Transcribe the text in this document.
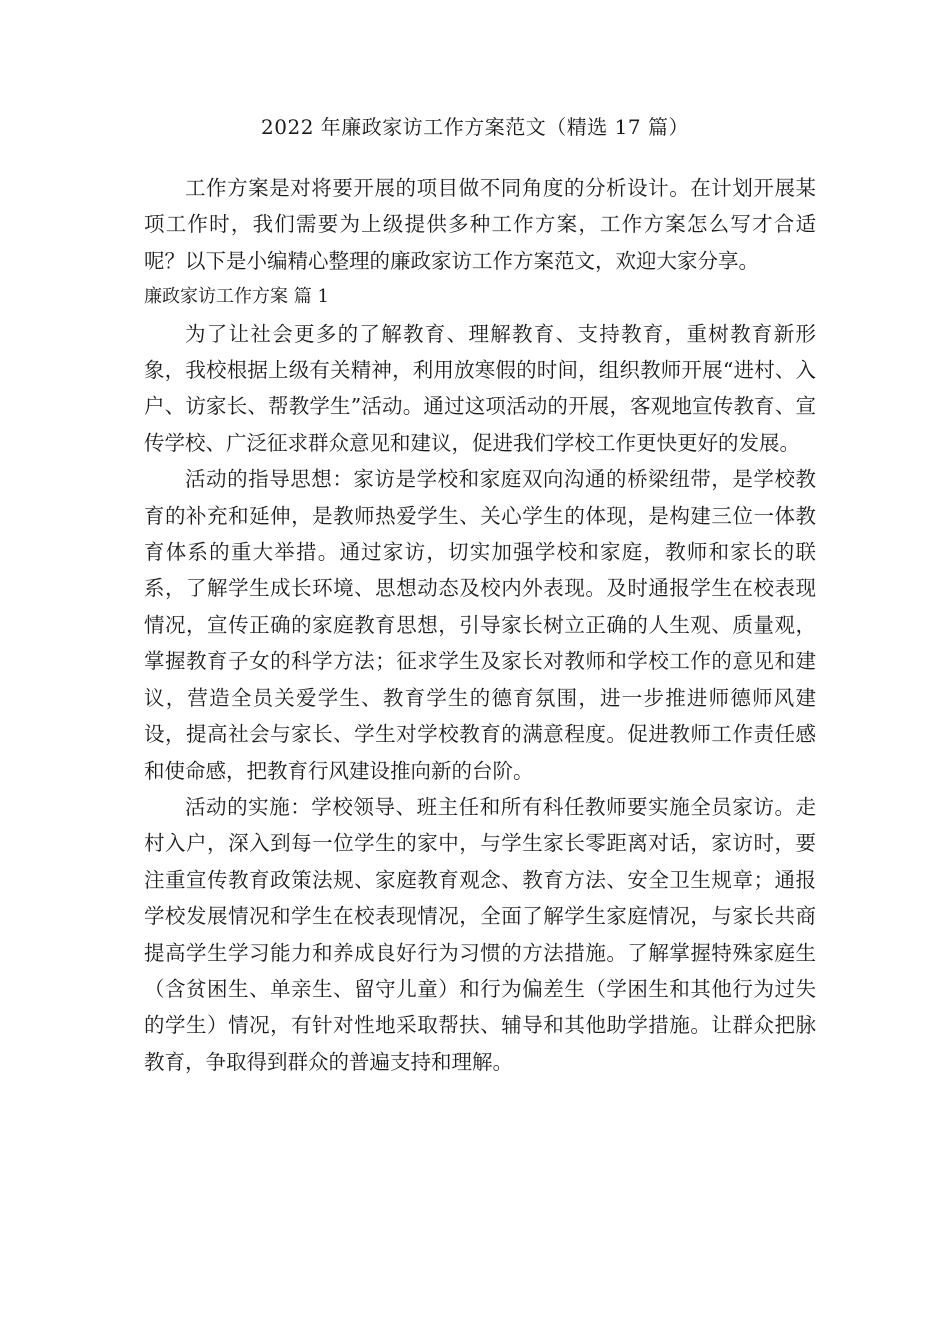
2022 年廉政家访工作方案范文（精选 17 篇）

工作方案是对将要开展的项目做不同角度的分析设计。在计划开展某项工作时，我们需要为上级提供多种工作方案，工作方案怎么写才合适呢？以下是小编精心整理的廉政家访工作方案范文，欢迎大家分享。

廉政家访工作方案 篇 1

为了让社会更多的了解教育、理解教育、支持教育，重树教育新形象，我校根据上级有关精神，利用放寒假的时间，组织教师开展“进村、入户、访家长、帮教学生”活动。通过这项活动的开展，客观地宣传教育、宣传学校、广泛征求群众意见和建议，促进我们学校工作更快更好的发展。

活动的指导思想：家访是学校和家庭双向沟通的桥梁纽带，是学校教育的补充和延伸，是教师热爱学生、关心学生的体现，是构建三位一体教育体系的重大举措。通过家访，切实加强学校和家庭，教师和家长的联系，了解学生成长环境、思想动态及校内外表现。及时通报学生在校表现情况，宣传正确的家庭教育思想，引导家长树立正确的人生观、质量观，掌握教育子女的科学方法；征求学生及家长对教师和学校工作的意见和建议，营造全员关爱学生、教育学生的德育氛围，进一步推进师德师风建设，提高社会与家长、学生对学校教育的满意程度。促进教师工作责任感和使命感，把教育行风建设推向新的台阶。

活动的实施：学校领导、班主任和所有科任教师要实施全员家访。走村入户，深入到每一位学生的家中，与学生家长零距离对话，家访时，要注重宣传教育政策法规、家庭教育观念、教育方法、安全卫生规章；通报学校发展情况和学生在校表现情况，全面了解学生家庭情况，与家长共商提高学生学习能力和养成良好行为习惯的方法措施。了解掌握特殊家庭生（含贫困生、单亲生、留守儿童）和行为偏差生（学困生和其他行为过失的学生）情况，有针对性地采取帮扶、辅导和其他助学措施。让群众把脉教育，争取得到群众的普遍支持和理解。
